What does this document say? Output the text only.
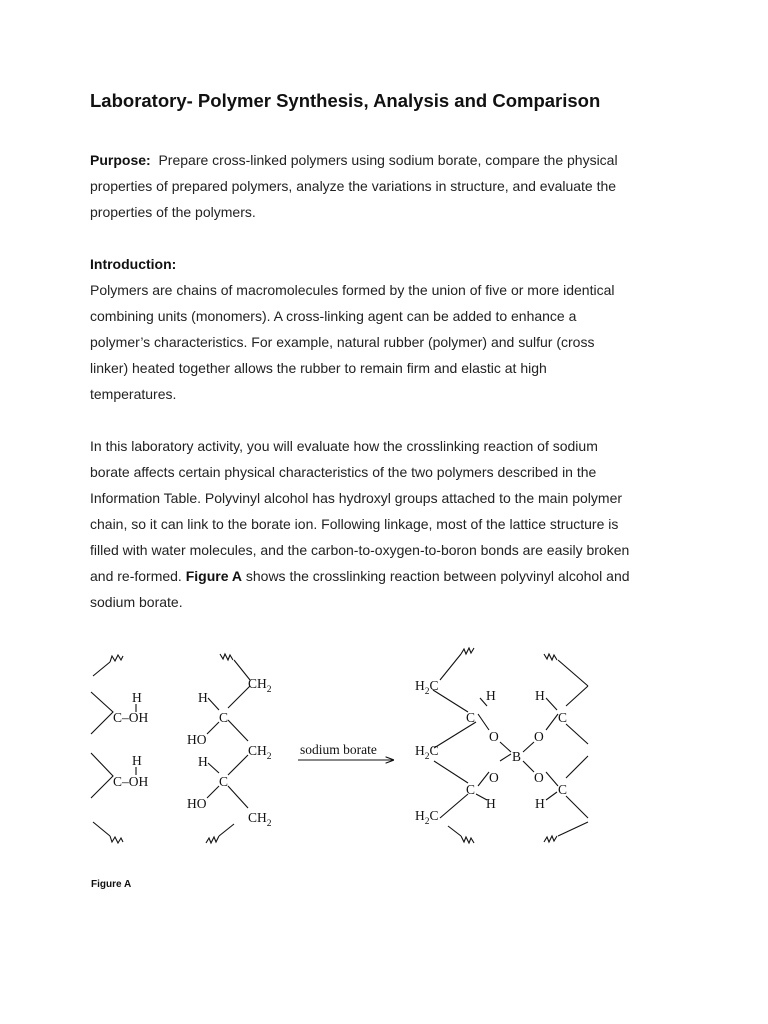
Laboratory- Polymer Synthesis, Analysis and Comparison

Purpose: Prepare cross-linked polymers using sodium borate, compare the physical
properties of prepared polymers, analyze the variations in structure, and evaluate the
properties of the polymers.

Introduction:

Polymers are chains of macromolecules formed by the union of five or more identical
combining units (monomers). A cross-linking agent can be added to enhance a
polymer’s characteristics. For example, natural rubber (polymer) and sulfur (cross
linker) heated together allows the rubber to remain firm and elastic at high
temperatures.

In this laboratory activity, you will evaluate how the crosslinking reaction of sodium
borate affects certain physical characteristics of the two polymers described in the
Information Table. Polyvinyl alcohol has hydroxyl groups attached to the main polymer
chain, so it can link to the borate ion. Following linkage, most of the lattice structure is
filled with water molecules, and the carbon-to-oxygen-to-boron bonds are easily broken
and re-formed. Figure A shows the crosslinking reaction between polyvinyl alcohol and
sodium borate.

H
C–OH
H
C–OH
$CH_2$
H
C
HO
$CH_2$
H
C
HO
$CH_2$
sodium borate
$H_2C$
H
C
O
B
O
$H_2C$
O	O
C
H
$H_2C$
H
C
C
H

Figure A
